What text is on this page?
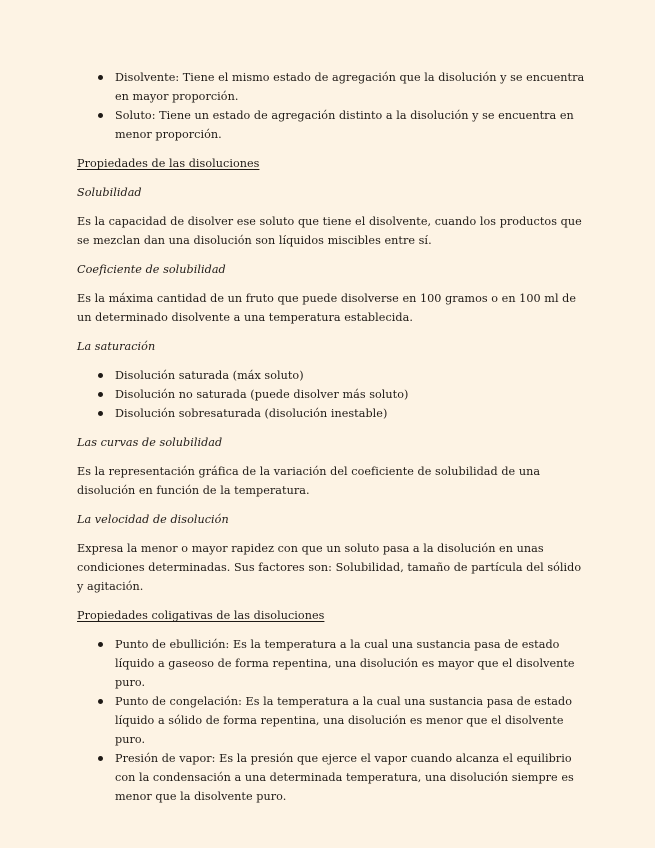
Disolvente: Tiene el mismo estado de agregación que la disolución y se encuentra en mayor proporción.
Soluto: Tiene un estado de agregación distinto a la disolución y se encuentra en menor proporción.

Propiedades de las disoluciones

Solubilidad

Es la capacidad de disolver ese soluto que tiene el disolvente, cuando los productos que se mezclan dan una disolución son líquidos miscibles entre sí.

Coeficiente de solubilidad

Es la máxima cantidad de un fruto que puede disolverse en 100 gramos o en 100 ml de un determinado disolvente a una temperatura establecida.

La saturación

Disolución saturada (máx soluto)
Disolución no saturada (puede disolver más soluto)
Disolución sobresaturada (disolución inestable)

Las curvas de solubilidad

Es la representación gráfica de la variación del coeficiente de solubilidad de una disolución en función de la temperatura.

La velocidad de disolución

Expresa la menor o mayor rapidez con que un soluto pasa a la disolución en unas condiciones determinadas. Sus factores son: Solubilidad, tamaño de partícula del sólido y agitación.

Propiedades coligativas de las disoluciones

Punto de ebullición: Es la temperatura a la cual una sustancia pasa de estado líquido a gaseoso de forma repentina, una disolución es mayor que el disolvente puro.
Punto de congelación: Es la temperatura a la cual una sustancia pasa de estado líquido a sólido de forma repentina, una disolución es menor que el disolvente puro.
Presión de vapor: Es la presión que ejerce el vapor cuando alcanza el equilibrio con la condensación a una determinada temperatura, una disolución siempre es menor que la disolvente puro.
